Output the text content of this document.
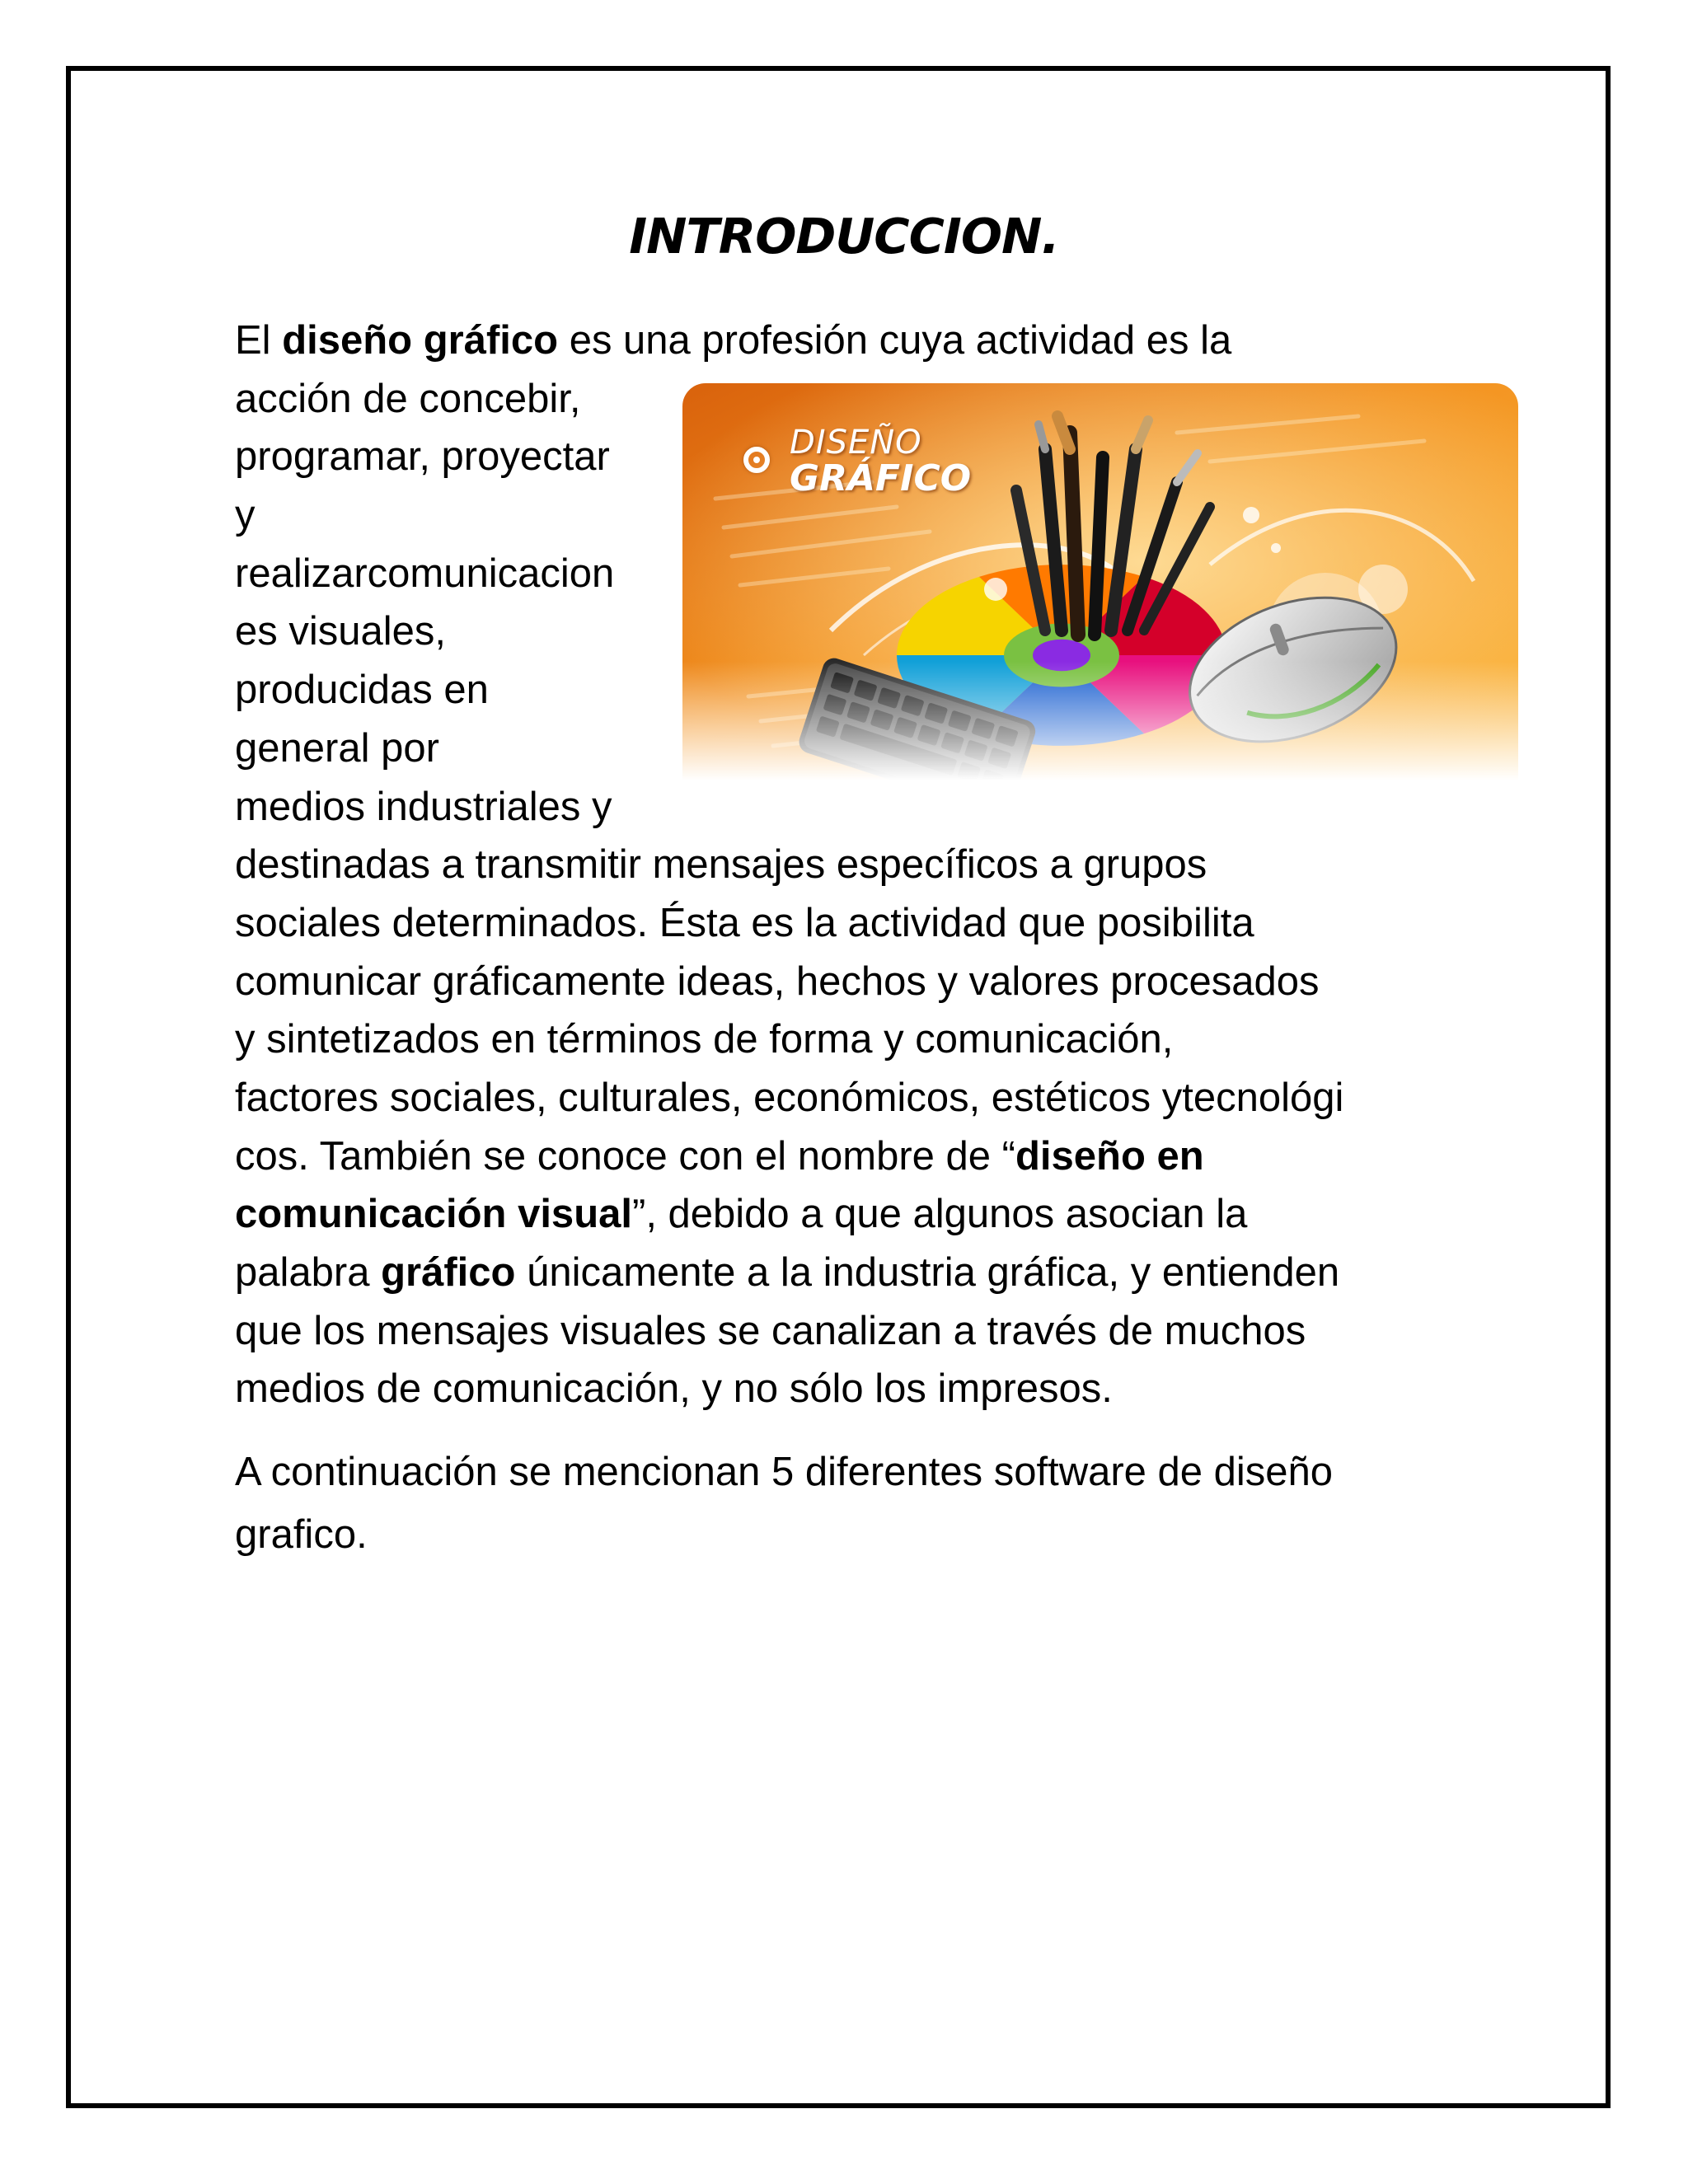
INTRODUCCION.
DISEÑO
GRÁFICO
El diseño gráfico es una profesión cuya actividad es la
acción de concebir,
programar, proyectar
y
realizarcomunicacion
es visuales,
producidas en
general por
medios industriales y
destinadas a transmitir mensajes específicos a grupos
sociales determinados. Ésta es la actividad que posibilita
comunicar gráficamente ideas, hechos y valores procesados
y sintetizados en términos de forma y comunicación,
factores sociales, culturales, económicos, estéticos ytecnológi
cos. También se conoce con el nombre de “diseño en
comunicación visual”, debido a que algunos asocian la
palabra gráfico únicamente a la industria gráfica, y entienden
que los mensajes visuales se canalizan a través de muchos
medios de comunicación, y no sólo los impresos.
A continuación se mencionan 5 diferentes software de diseño
grafico.
